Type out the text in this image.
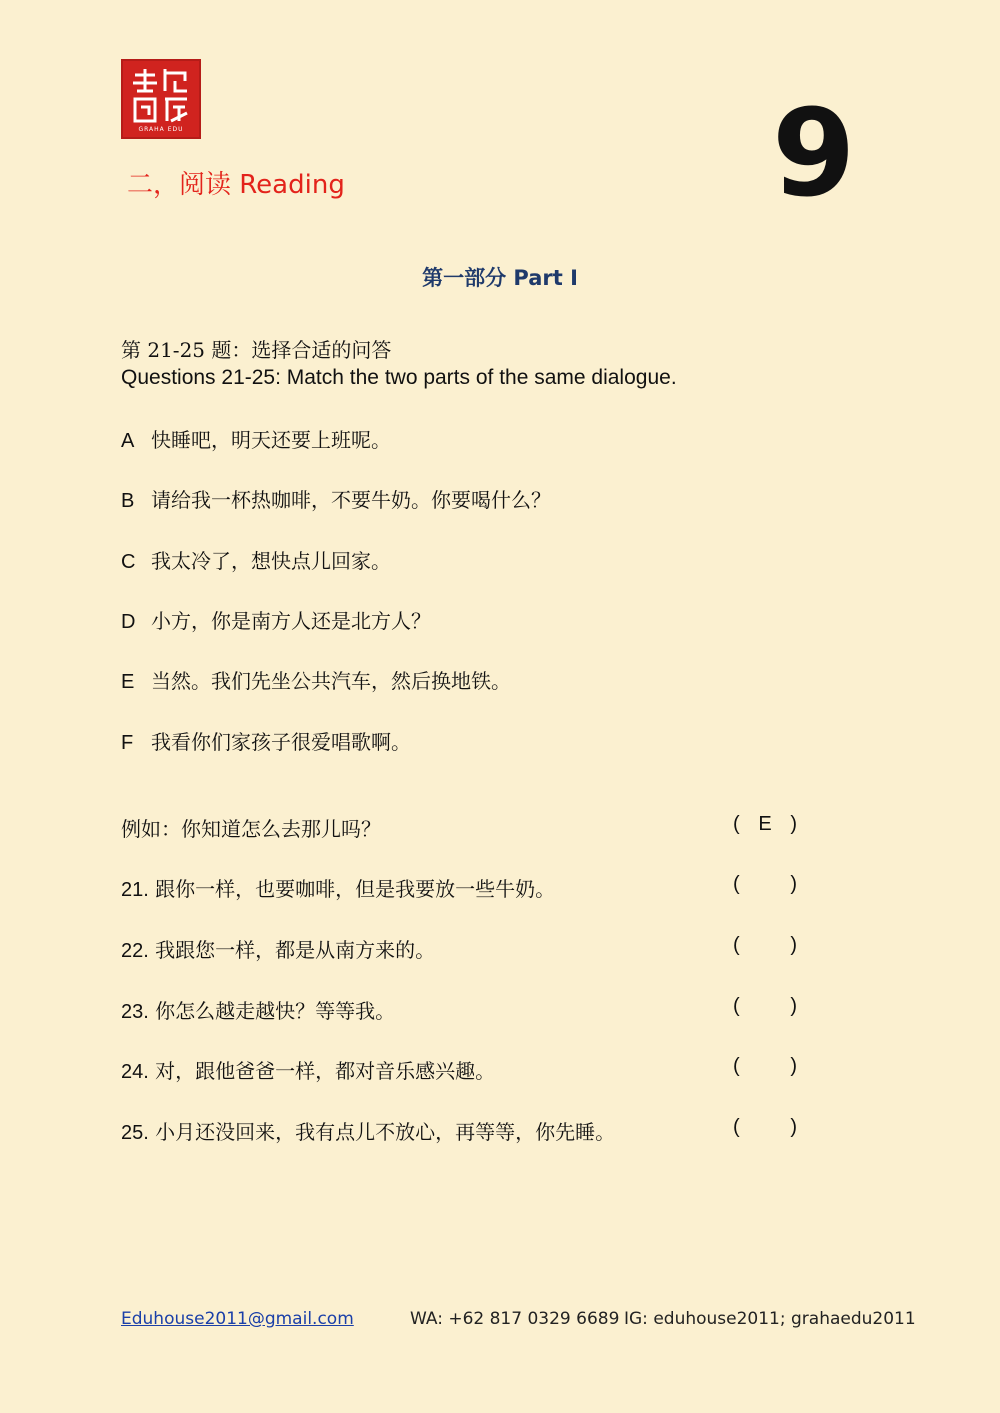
GRAHA EDU
二，阅读 Reading	9
第一部分 Part I
第 21-25 题：选择合适的问答
Questions 21-25: Match the two parts of the same dialogue.
A 快睡吧，明天还要上班呢。
B 请给我一杯热咖啡，不要牛奶。你要喝什么？
C 我太冷了，想快点儿回家。
D 小方，你是南方人还是北方人？
E 当然。我们先坐公共汽车，然后换地铁。
F 我看你们家孩子很爱唱歌啊。
例如：你知道怎么去那儿吗？	( E )
21. 跟你一样，也要咖啡，但是我要放一些牛奶。	(	)
22. 我跟您一样，都是从南方来的。	(	)
23. 你怎么越走越快？等等我。	(	)
24. 对，跟他爸爸一样，都对音乐感兴趣。	(	)
25. 小月还没回来，我有点儿不放心，再等等，你先睡。	(	)
Eduhouse2011@gmail.com	WA: +62 817 0329 6689 IG: eduhouse2011; grahaedu2011
